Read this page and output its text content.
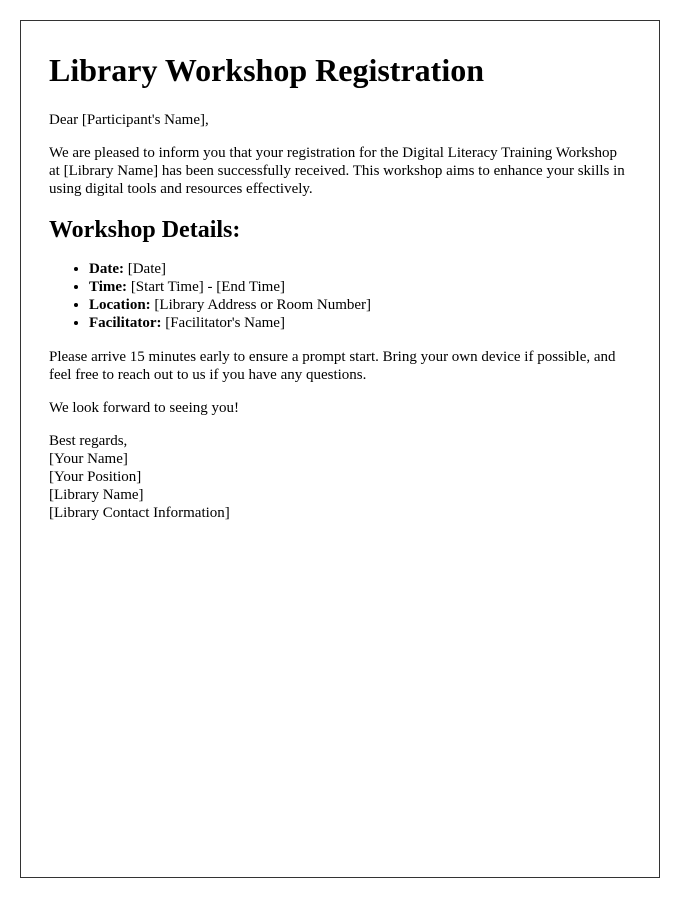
Library Workshop Registration

Dear [Participant's Name],

We are pleased to inform you that your registration for the Digital Literacy Training Workshop at [Library Name] has been successfully received. This workshop aims to enhance your skills in using digital tools and resources effectively.

Workshop Details:
• Date: [Date]
• Time: [Start Time] - [End Time]
• Location: [Library Address or Room Number]
• Facilitator: [Facilitator's Name]

Please arrive 15 minutes early to ensure a prompt start. Bring your own device if possible, and feel free to reach out to us if you have any questions.

We look forward to seeing you!

Best regards,
[Your Name]
[Your Position]
[Library Name]
[Library Contact Information]
